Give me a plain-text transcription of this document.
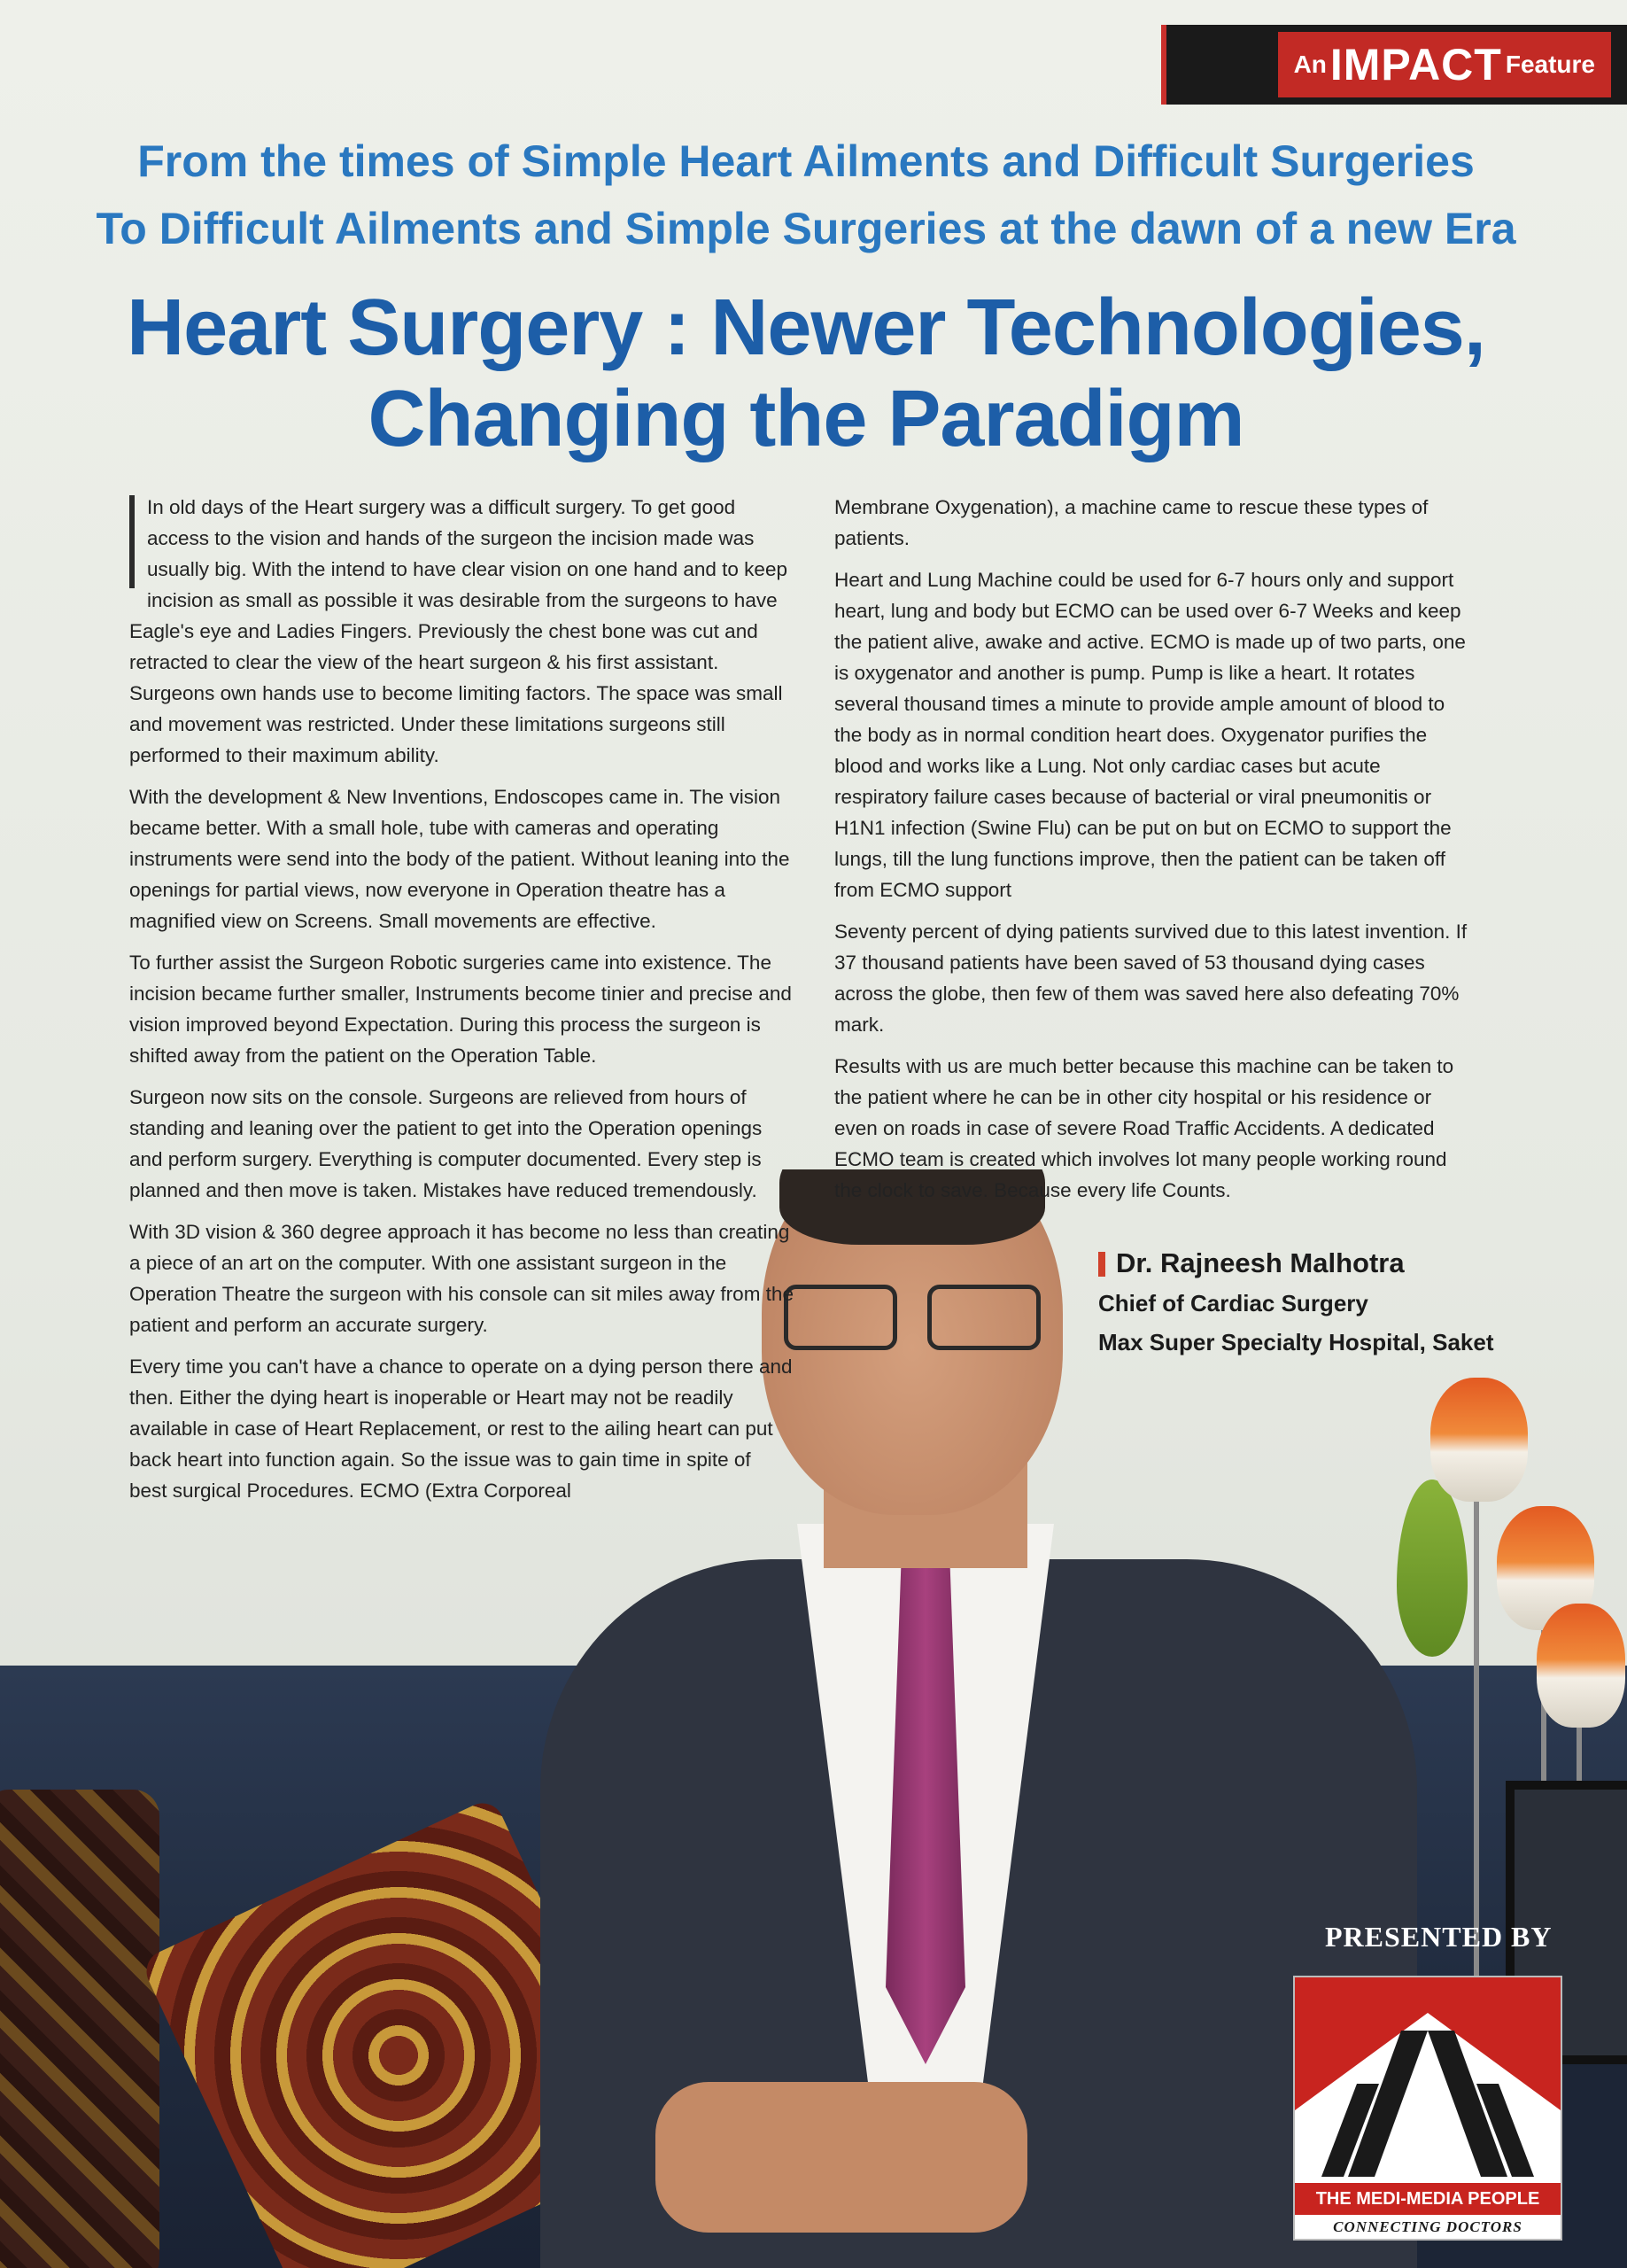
An IMPACT Feature
From the times of Simple Heart Ailments and Difficult Surgeries
To Difficult Ailments and Simple Surgeries at the dawn of a new Era
Heart Surgery : Newer Technologies,
Changing the Paradigm

In old days of the Heart surgery was a difficult surgery. To get good access to the vision and hands of the surgeon the incision made was usually big. With the intend to have clear vision on one hand and to keep incision as small as possible it was desirable from the surgeons to have Eagle's eye and Ladies Fingers. Previously the chest bone was cut and retracted to clear the view of the heart surgeon & his first assistant. Surgeons own hands use to become limiting factors. The space was small and movement was restricted. Under these limitations surgeons still performed to their maximum ability.

With the development & New Inventions, Endoscopes came in. The vision became better. With a small hole, tube with cameras and operating instruments were send into the body of the patient. Without leaning into the openings for partial views, now everyone in Operation theatre has a magnified view on Screens. Small movements are effective.

To further assist the Surgeon Robotic surgeries came into existence. The incision became further smaller, Instruments become tinier and precise and vision improved beyond Expectation. During this process the surgeon is shifted away from the patient on the Operation Table.

Surgeon now sits on the console. Surgeons are relieved from hours of standing and leaning over the patient to get into the Operation openings and perform surgery. Everything is computer documented. Every step is planned and then move is taken. Mistakes have reduced tremendously.

With 3D vision & 360 degree approach it has become no less than creating a piece of an art on the computer. With one assistant surgeon in the Operation Theatre the surgeon with his console can sit miles away from the patient and perform an accurate surgery.

Every time you can't have a chance to operate on a dying person there and then. Either the dying heart is inoperable or Heart may not be readily available in case of Heart Replacement, or rest to the ailing heart can put back heart into function again. So the issue was to gain time in spite of best surgical Procedures. ECMO (Extra Corporeal

Membrane Oxygenation), a machine came to rescue these types of patients.

Heart and Lung Machine could be used for 6-7 hours only and support heart, lung and body but ECMO can be used over 6-7 Weeks and keep the patient alive, awake and active. ECMO is made up of two parts, one is oxygenator and another is pump. Pump is like a heart. It rotates several thousand times a minute to provide ample amount of blood to the body as in normal condition heart does. Oxygenator purifies the blood and works like a Lung. Not only cardiac cases but acute respiratory failure cases because of bacterial or viral pneumonitis or H1N1 infection (Swine Flu) can be put on but on ECMO to support the lungs, till the lung functions improve, then the patient can be taken off from ECMO support

Seventy percent of dying patients survived due to this latest invention. If 37 thousand patients have been saved of 53 thousand dying cases across the globe, then few of them was saved here also defeating 70% mark.

Results with us are much better because this machine can be taken to the patient where he can be in other city hospital or his residence or even on roads in case of severe Road Traffic Accidents. A dedicated ECMO team is created which involves lot many people working round the clock to save. Because every life Counts.

Dr. Rajneesh Malhotra
Chief of Cardiac Surgery
Max Super Specialty Hospital, Saket
PRESENTED BY
THE MEDI-MEDIA PEOPLE
CONNECTING DOCTORS
